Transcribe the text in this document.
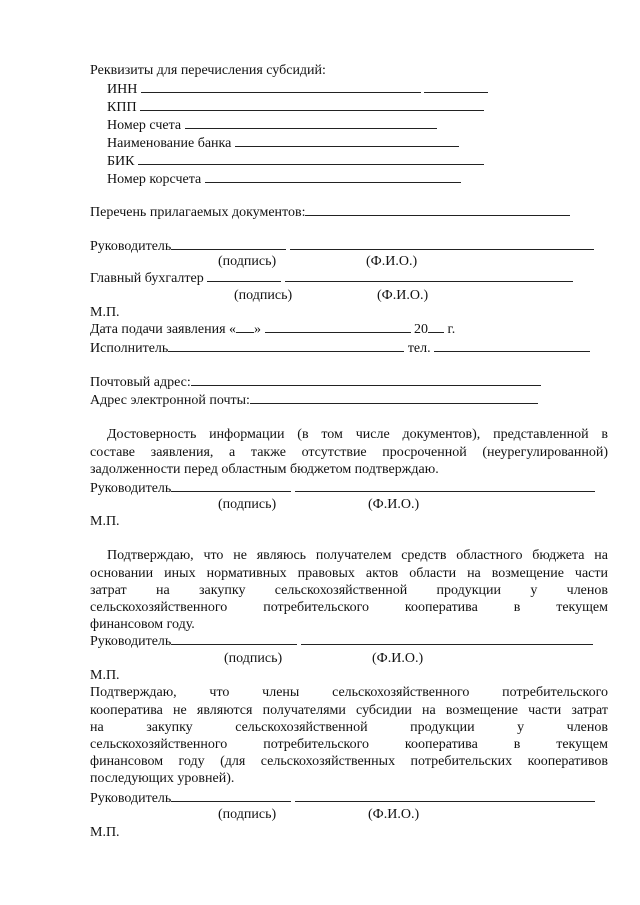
Реквизиты для перечисления субсидий:
ИНН
КПП
Номер счета
Наименование банка
БИК
Номер корсчета
Перечень прилагаемых документов:
Руководитель
(подпись)	(Ф.И.О.)
Главный бухгалтер
(подпись)	(Ф.И.О.)
М.П.
Дата подачи заявления « »	20 г.
Исполнитель	тел.
Почтовый адрес:
Адрес электронной почты:
Достоверность информации (в том числе документов), представленной в
составе заявления, а также отсутствие просроченной (неурегулированной)
задолженности перед областным бюджетом подтверждаю.
Руководитель
(подпись)	(Ф.И.О.)
М.П.
Подтверждаю, что не являюсь получателем средств областного бюджета на
основании иных нормативных правовых актов области на возмещение части
затрат на закупку сельскохозяйственной продукции у членов
сельскохозяйственного потребительского кооператива в текущем
финансовом году.
Руководитель
(подпись)	(Ф.И.О.)
М.П.
Подтверждаю, что члены сельскохозяйственного потребительского
кооператива не являются получателями субсидии на возмещение части затрат
на закупку сельскохозяйственной продукции у членов
сельскохозяйственного потребительского кооператива в текущем
финансовом году (для сельскохозяйственных потребительских кооперативов
последующих уровней).
Руководитель
(подпись)	(Ф.И.О.)
М.П.
